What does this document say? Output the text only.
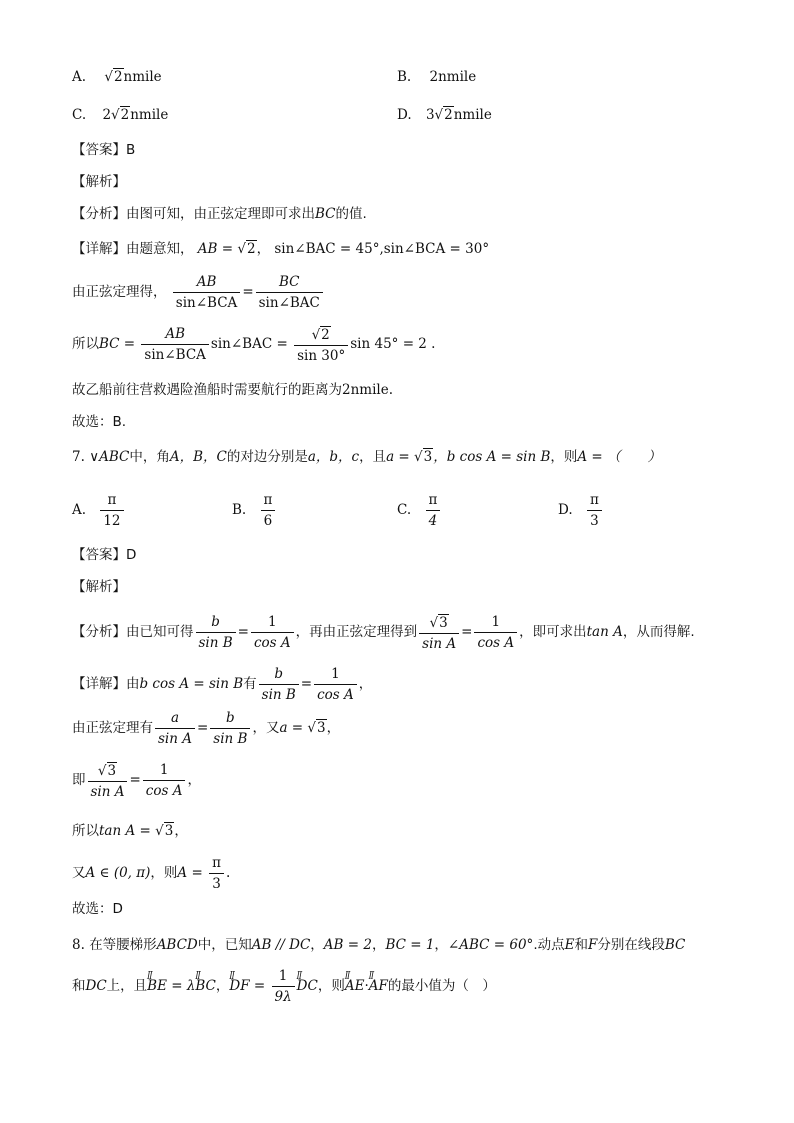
A. √2nmile	B. 2nmile
C. 2√2nmile	D. 3√2nmile
【答案】B
【解析】
【分析】由图可知，由正弦定理即可求出BC的值.
【详解】由题意知， AB = √2， sin∠BAC = 45°,sin∠BCA = 30°
由正弦定理得， $\frac{AB}{\text{sin∠BCA}} = \frac{BC}{\text{sin∠BAC}}$
所以BC = $\frac{AB}{\text{sin∠BCA}}$ sin∠BAC = $\frac{√2}{\sin 30^\circ}$ sin 45° = 2 .
故乙船前往营救遇险渔船时需要航行的距离为2nmile.
故选：B.
7. ∨ABC中，角A，B，C的对边分别是a，b，c，且a = √3，b cos A = sin B，则A = （　　）
A. $\frac{\pi}{12}$	B. $\frac{\pi}{6}$	C. $\frac{\pi}{4}$	D. $\frac{\pi}{3}$
【答案】D
【解析】
【分析】由已知可得 $\frac{b}{\text{sin B}} = \frac{1}{\text{cos A}}$ ，再由正弦定理得到 $\frac{√3}{\text{sin A}} = \frac{1}{\text{cos A}}$ ，即可求出tan A，从而得解.
【详解】由b cos A = sin B有 $\frac{b}{\text{sin B}} = \frac{1}{\text{cos A}}$ ，
由正弦定理有 $\frac{a}{\text{sin A}} = \frac{b}{\text{sin B}}$ ，又a = √3，
即 $\frac{√3}{\text{sin A}} = \frac{1}{\text{cos A}}$ ，
所以tan A = √3，
又A ∈ (0, π)，则$A = \frac{\pi}{3}$ .
故选：D
8. 在等腰梯形ABCD中，已知AB // DC，AB = 2，BC = 1，∠ABC = 60°.动点E和F分别在线段BC
和DC上，且ꟾꟾ BE = λꟾꟾ BC，ꟾꟾ DF = $\frac{1}{9\lambda}$
ꟾꟾ DC，则ꟾꟾ AE·ꟾꟾ AF的最小值为（　）
